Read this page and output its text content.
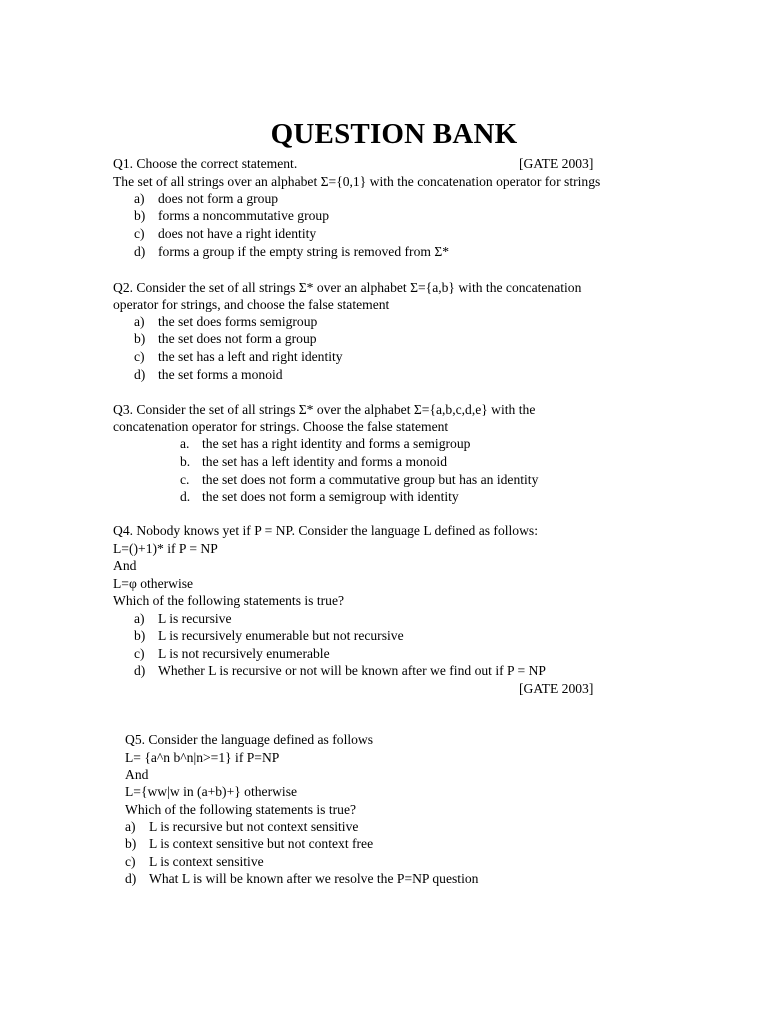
QUESTION BANK
Q1. Choose the correct statement.	[GATE 2003]
The set of all strings over an alphabet Σ={0,1} with the concatenation operator for strings
a) does not form a group
b) forms a noncommutative group
c) does not have a right identity
d) forms a group if the empty string is removed from Σ*
Q2. Consider the set of all strings Σ* over an alphabet Σ={a,b} with the concatenation
operator for strings, and choose the false statement
a) the set does forms semigroup
b) the set does not form a group
c) the set has a left and right identity
d) the set forms a monoid
Q3. Consider the set of all strings Σ* over the alphabet Σ={a,b,c,d,e} with the
concatenation operator for strings. Choose the false statement
a. the set has a right identity and forms a semigroup
b. the set has a left identity and forms a monoid
c. the set does not form a commutative group but has an identity
d. the set does not form a semigroup with identity
Q4. Nobody knows yet if P = NP. Consider the language L defined as follows:
L=()+1)* if P = NP
And
L=φ otherwise
Which of the following statements is true?
a) L is recursive
b) L is recursively enumerable but not recursive
c) L is not recursively enumerable
d) Whether L is recursive or not will be known after we find out if P = NP
[GATE 2003]
Q5. Consider the language defined as follows
L= {a^n b^n|n>=1} if P=NP
And
L={ww|w in (a+b)+} otherwise
Which of the following statements is true?
a) L is recursive but not context sensitive
b) L is context sensitive but not context free
c) L is context sensitive
d) What L is will be known after we resolve the P=NP question
